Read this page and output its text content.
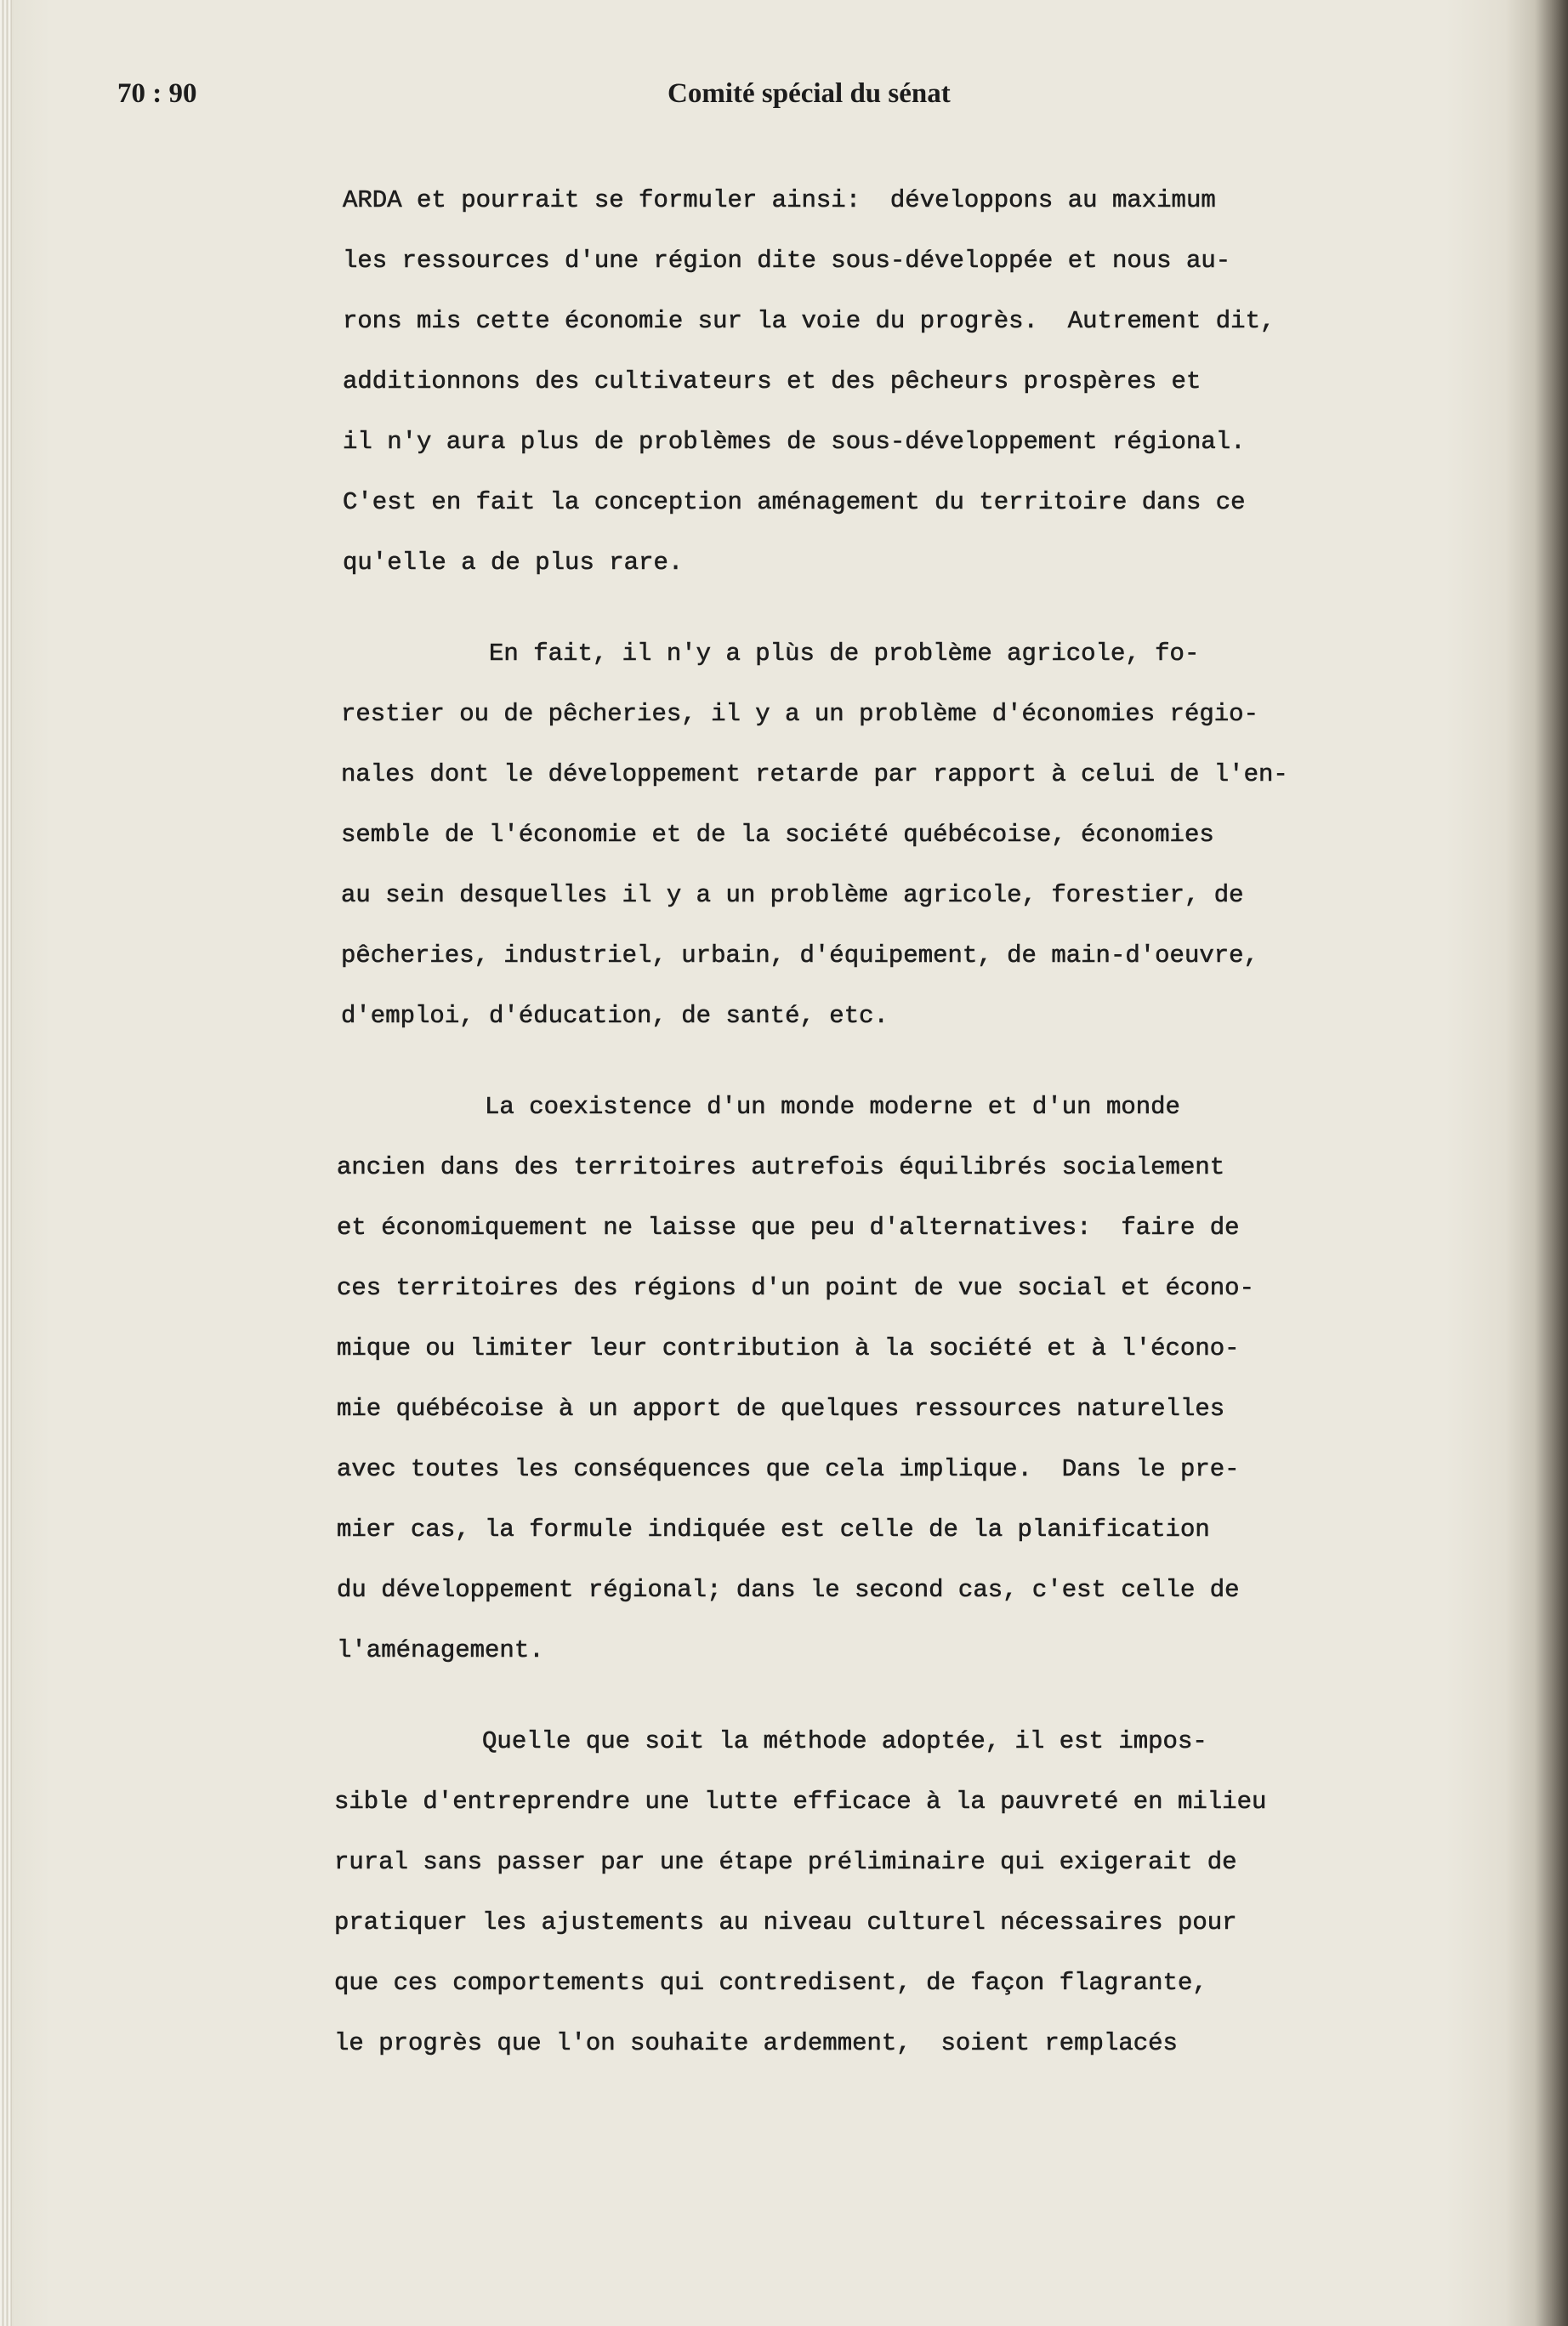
70 : 90	Comité spécial du sénat
ARDA et pourrait se formuler ainsi:  développons au maximum
les ressources d'une région dite sous-développée et nous au-
rons mis cette économie sur la voie du progrès.  Autrement dit,
additionnons des cultivateurs et des pêcheurs prospères et
il n'y aura plus de problèmes de sous-développement régional.
C'est en fait la conception aménagement du territoire dans ce
qu'elle a de plus rare.
En fait, il n'y a plùs de problème agricole, fo-
restier ou de pêcheries, il y a un problème d'économies régio-
nales dont le développement retarde par rapport à celui de l'en-
semble de l'économie et de la société québécoise, économies
au sein desquelles il y a un problème agricole, forestier, de
pêcheries, industriel, urbain, d'équipement, de main-d'oeuvre,
d'emploi, d'éducation, de santé, etc.
La coexistence d'un monde moderne et d'un monde
ancien dans des territoires autrefois équilibrés socialement
et économiquement ne laisse que peu d'alternatives:  faire de
ces territoires des régions d'un point de vue social et écono-
mique ou limiter leur contribution à la société et à l'écono-
mie québécoise à un apport de quelques ressources naturelles
avec toutes les conséquences que cela implique.  Dans le pre-
mier cas, la formule indiquée est celle de la planification
du développement régional; dans le second cas, c'est celle de
l'aménagement.
Quelle que soit la méthode adoptée, il est impos-
sible d'entreprendre une lutte efficace à la pauvreté en milieu
rural sans passer par une étape préliminaire qui exigerait de
pratiquer les ajustements au niveau culturel nécessaires pour
que ces comportements qui contredisent, de façon flagrante,
le progrès que l'on souhaite ardemment,  soient remplacés
